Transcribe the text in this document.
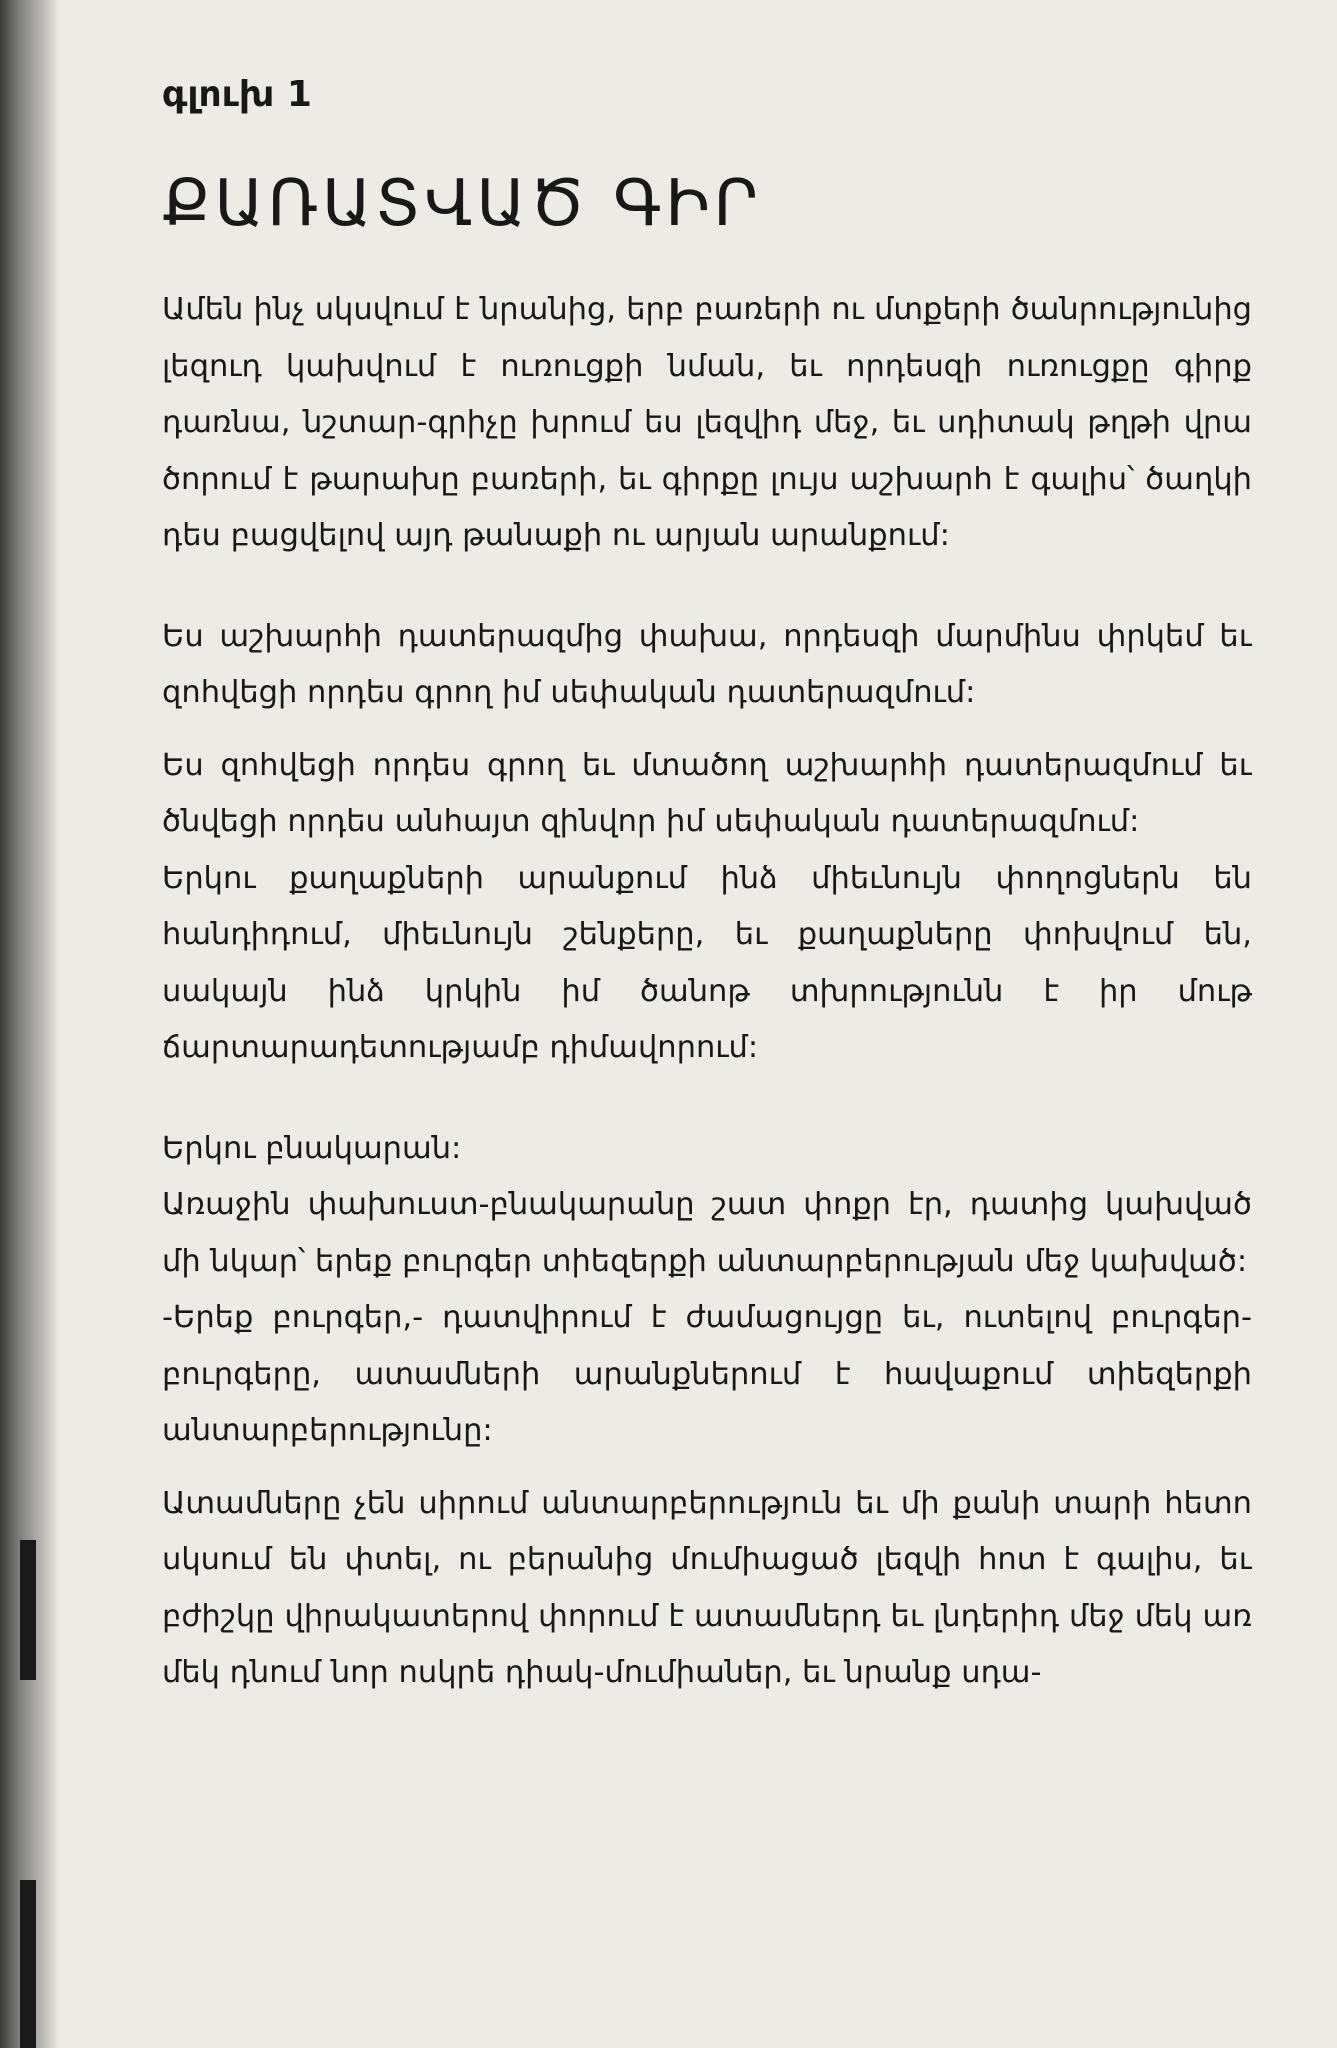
գլուխ 1
ՔԱՌԱՏՎԱԾ ԳԻՐ

Ամեն ինչ սկսվում է նրանից, երբ բառերի ու մտքերի ծանրությունից լեզուդ կախվում է ուռուցքի նման, եւ որդեսզի ուռուցքը գիրք դառնա, նշտար-գրիչը խրում ես լեզվիդ մեջ, եւ սդիտակ թղթի վրա ծորում է թարախը բառերի, եւ գիրքը լույս աշխարհ է գալիս՝ ծաղկի դես բացվելով այդ թանաքի ու արյան արանքում:

Ես աշխարհի դատերազմից փախա, որդեսզի մարմինս փրկեմ եւ զոհվեցի որդես գրող իմ սեփական դատերազմում:

Ես զոհվեցի որդես գրող եւ մտածող աշխարհի դատերազմում եւ ծնվեցի որդես անհայտ զինվոր իմ սեփական դատերազմում:

Երկու քաղաքների արանքում ինձ միեւնույն փողոցներն են հանդիդում, միեւնույն շենքերը, եւ քաղաքները փոխվում են, սակայն ինձ կրկին իմ ծանոթ տխրությունն է իր մութ ճարտարադետությամբ դիմավորում:

Երկու բնակարան:

Առաջին փախուստ-բնակարանը շատ փոքր էր, դատից կախված մի նկար՝ երեք բուրգեր տիեզերքի անտարբերության մեջ կախված:

-Երեք բուրգեր,- դատվիրում է ժամացույցը եւ, ուտելով բուրգեր-բուրգերը, ատամների արանքներում է հավաքում տիեզերքի անտարբերությունը:

Ատամները չեն սիրում անտարբերություն եւ մի քանի տարի հետո սկսում են փտել, ու բերանից մումիացած լեզվի հոտ է գալիս, եւ բժիշկը վիրակատերով փորում է ատամներդ եւ լնդերիդ մեջ մեկ առ մեկ դնում նոր ոսկրե դիակ-մումիաներ, եւ նրանք սդա-
